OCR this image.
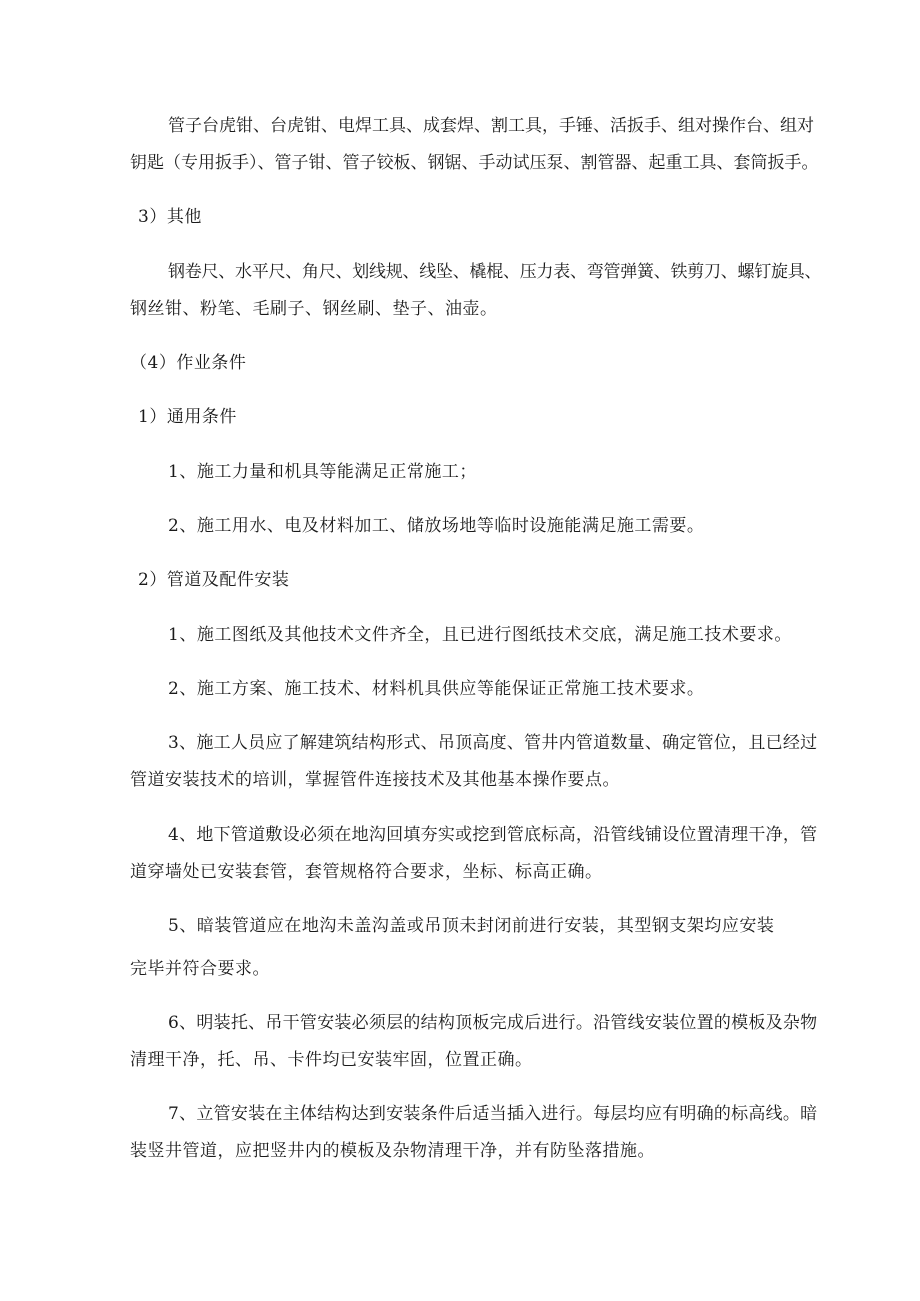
管子台虎钳、台虎钳、电焊工具、成套焊、割工具，手锤、活扳手、组对操作台、组对
钥匙（专用扳手）、管子钳、管子铰板、钢锯、手动试压泵、割管器、起重工具、套筒扳手。
3）其他
钢卷尺、水平尺、角尺、划线规、线坠、橇棍、压力表、弯管弹簧、铁剪刀、螺钉旋具、
钢丝钳、粉笔、毛刷子、钢丝刷、垫子、油壶。
（4）作业条件
1）通用条件
1、施工力量和机具等能满足正常施工；
2、施工用水、电及材料加工、储放场地等临时设施能满足施工需要。
2）管道及配件安装
1、施工图纸及其他技术文件齐全，且已进行图纸技术交底，满足施工技术要求。
2、施工方案、施工技术、材料机具供应等能保证正常施工技术要求。
3、施工人员应了解建筑结构形式、吊顶高度、管井内管道数量、确定管位，且已经过
管道安装技术的培训，掌握管件连接技术及其他基本操作要点。
4、地下管道敷设必须在地沟回填夯实或挖到管底标高，沿管线铺设位置清理干净，管
道穿墙处已安装套管，套管规格符合要求，坐标、标高正确。
5、暗装管道应在地沟未盖沟盖或吊顶未封闭前进行安装，其型钢支架均应安装
完毕并符合要求。
6、明装托、吊干管安装必须层的结构顶板完成后进行。沿管线安装位置的模板及杂物
清理干净，托、吊、卡件均已安装牢固，位置正确。
7、立管安装在主体结构达到安装条件后适当插入进行。每层均应有明确的标高线。暗
装竖井管道，应把竖井内的模板及杂物清理干净，并有防坠落措施。
